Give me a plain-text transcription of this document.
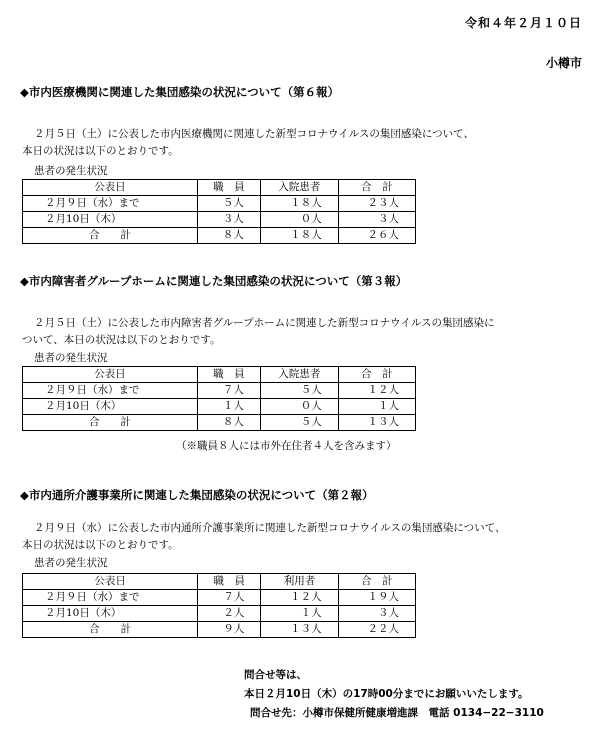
令和４年２月１０日
小樽市
◆市内医療機関に関連した集団感染の状況について（第６報）

２月５日（土）に公表した市内医療機関に関連した新型コロナウイルスの集団感染について、

本日の状況は以下のとおりです。

患者の発生状況
公表日	職　員	入院患者	合　計
２月９日（水）まで	５人	１８人	２３人
２月10日（木）	３人	０人	３人
合　　計	８人	１８人	２６人
◆市内障害者グループホームに関連した集団感染の状況について（第３報）

２月５日（土）に公表した市内障害者グループホームに関連した新型コロナウイルスの集団感染に

ついて、本日の状況は以下のとおりです。

患者の発生状況
公表日	職　員	入院患者	合　計
２月９日（水）まで	７人	５人	１２人
２月10日（木）	１人	０人	１人
合　　計	８人	５人	１３人
（※職員８人には市外在住者４人を含みます）
◆市内通所介護事業所に関連した集団感染の状況について（第２報）

２月９日（水）に公表した市内通所介護事業所に関連した新型コロナウイルスの集団感染について、

本日の状況は以下のとおりです。

患者の発生状況
公表日	職　員	利用者	合　計
２月９日（水）まで	７人	１２人	１９人
２月10日（木）	２人	１人	３人
合　　計	９人	１３人	２２人
問合せ等は、
本日２月10日（木）の17時00分までにお願いいたします。
問合せ先：小樽市保健所健康増進課　電話 0134−22−3110
